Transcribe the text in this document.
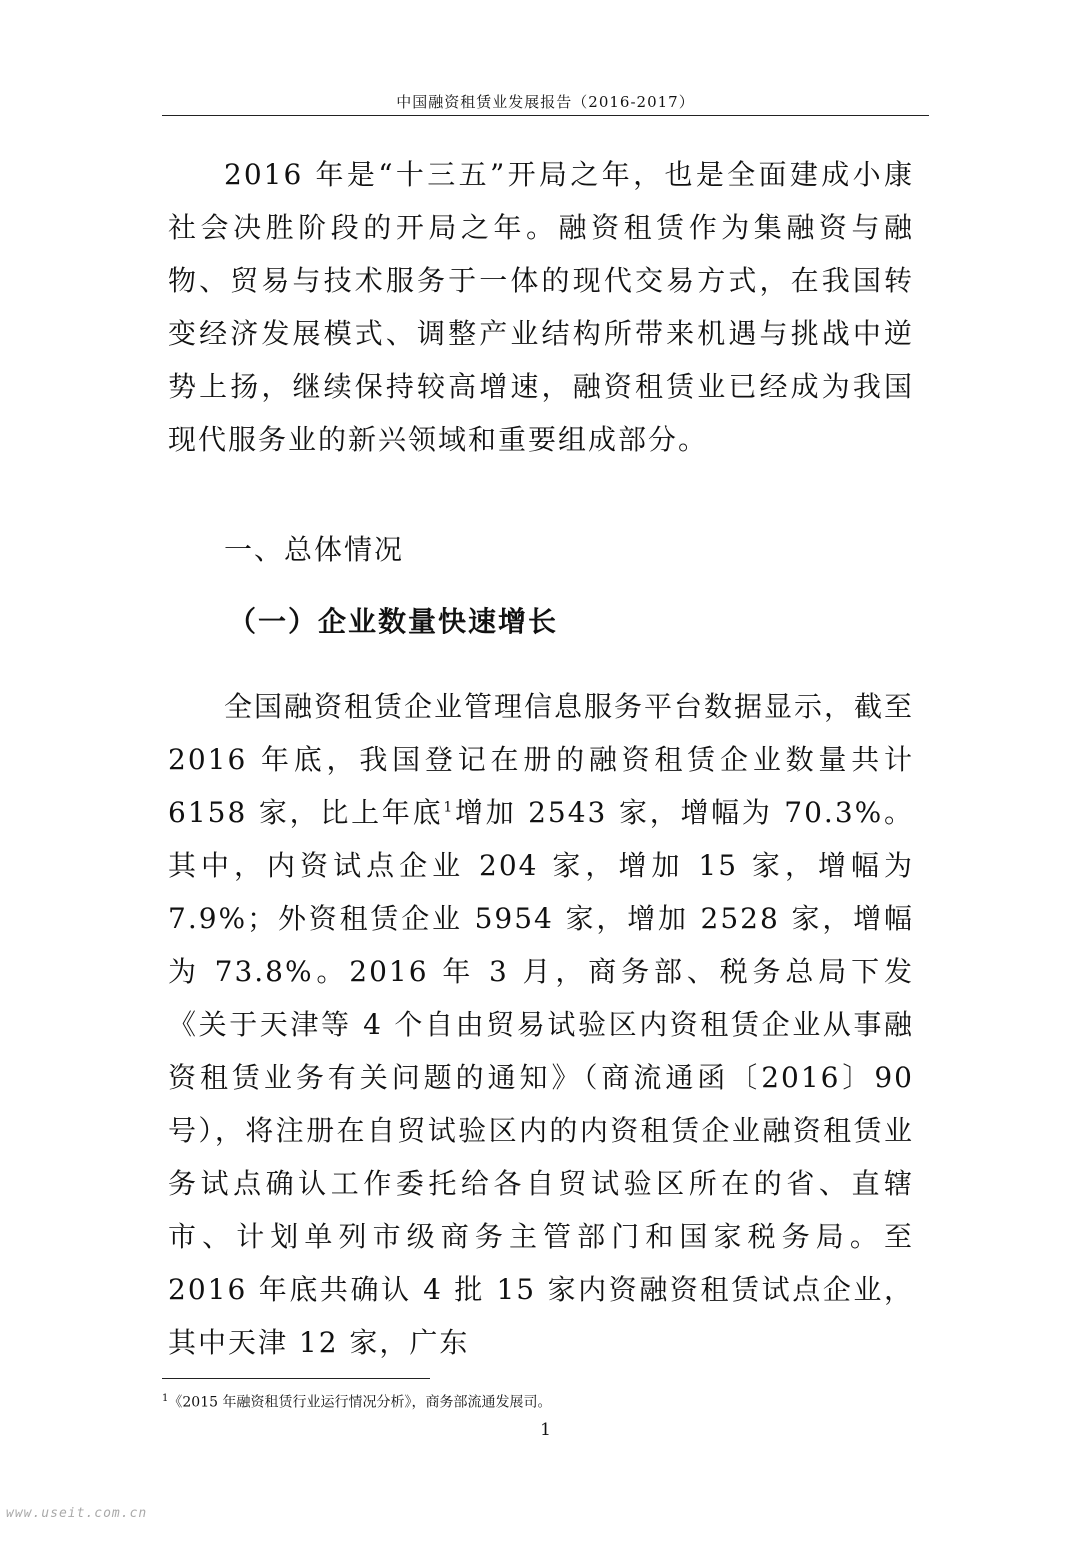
中国融资租赁业发展报告（2016-2017）

2016 年是“十三五”开局之年，也是全面建成小康社会决胜阶段的开局之年。融资租赁作为集融资与融物、贸易与技术服务于一体的现代交易方式，在我国转变经济发展模式、调整产业结构所带来机遇与挑战中逆势上扬，继续保持较高增速，融资租赁业已经成为我国现代服务业的新兴领域和重要组成部分。

一、总体情况
（一）企业数量快速增长

全国融资租赁企业管理信息服务平台数据显示，截至 2016 年底，我国登记在册的融资租赁企业数量共计 6158 家，比上年底$^1$增加 2543 家，增幅为 70.3%。其中，内资试点企业 204 家，增加 15 家，增幅为 7.9%；外资租赁企业 5954 家，增加 2528 家，增幅为 73.8%。2016 年 3 月，商务部、税务总局下发《关于天津等 4 个自由贸易试验区内资租赁企业从事融资租赁业务有关问题的通知》（商流通函〔2016〕90 号），将注册在自贸试验区内的内资租赁企业融资租赁业务试点确认工作委托给各自贸试验区所在的省、直辖市、计划单列市级商务主管部门和国家税务局。至 2016 年底共确认 4 批 15 家内资融资租赁试点企业，其中天津 12 家，广东

$^1$《2015 年融资租赁行业运行情况分析》，商务部流通发展司。
1
www.useit.com.cn
